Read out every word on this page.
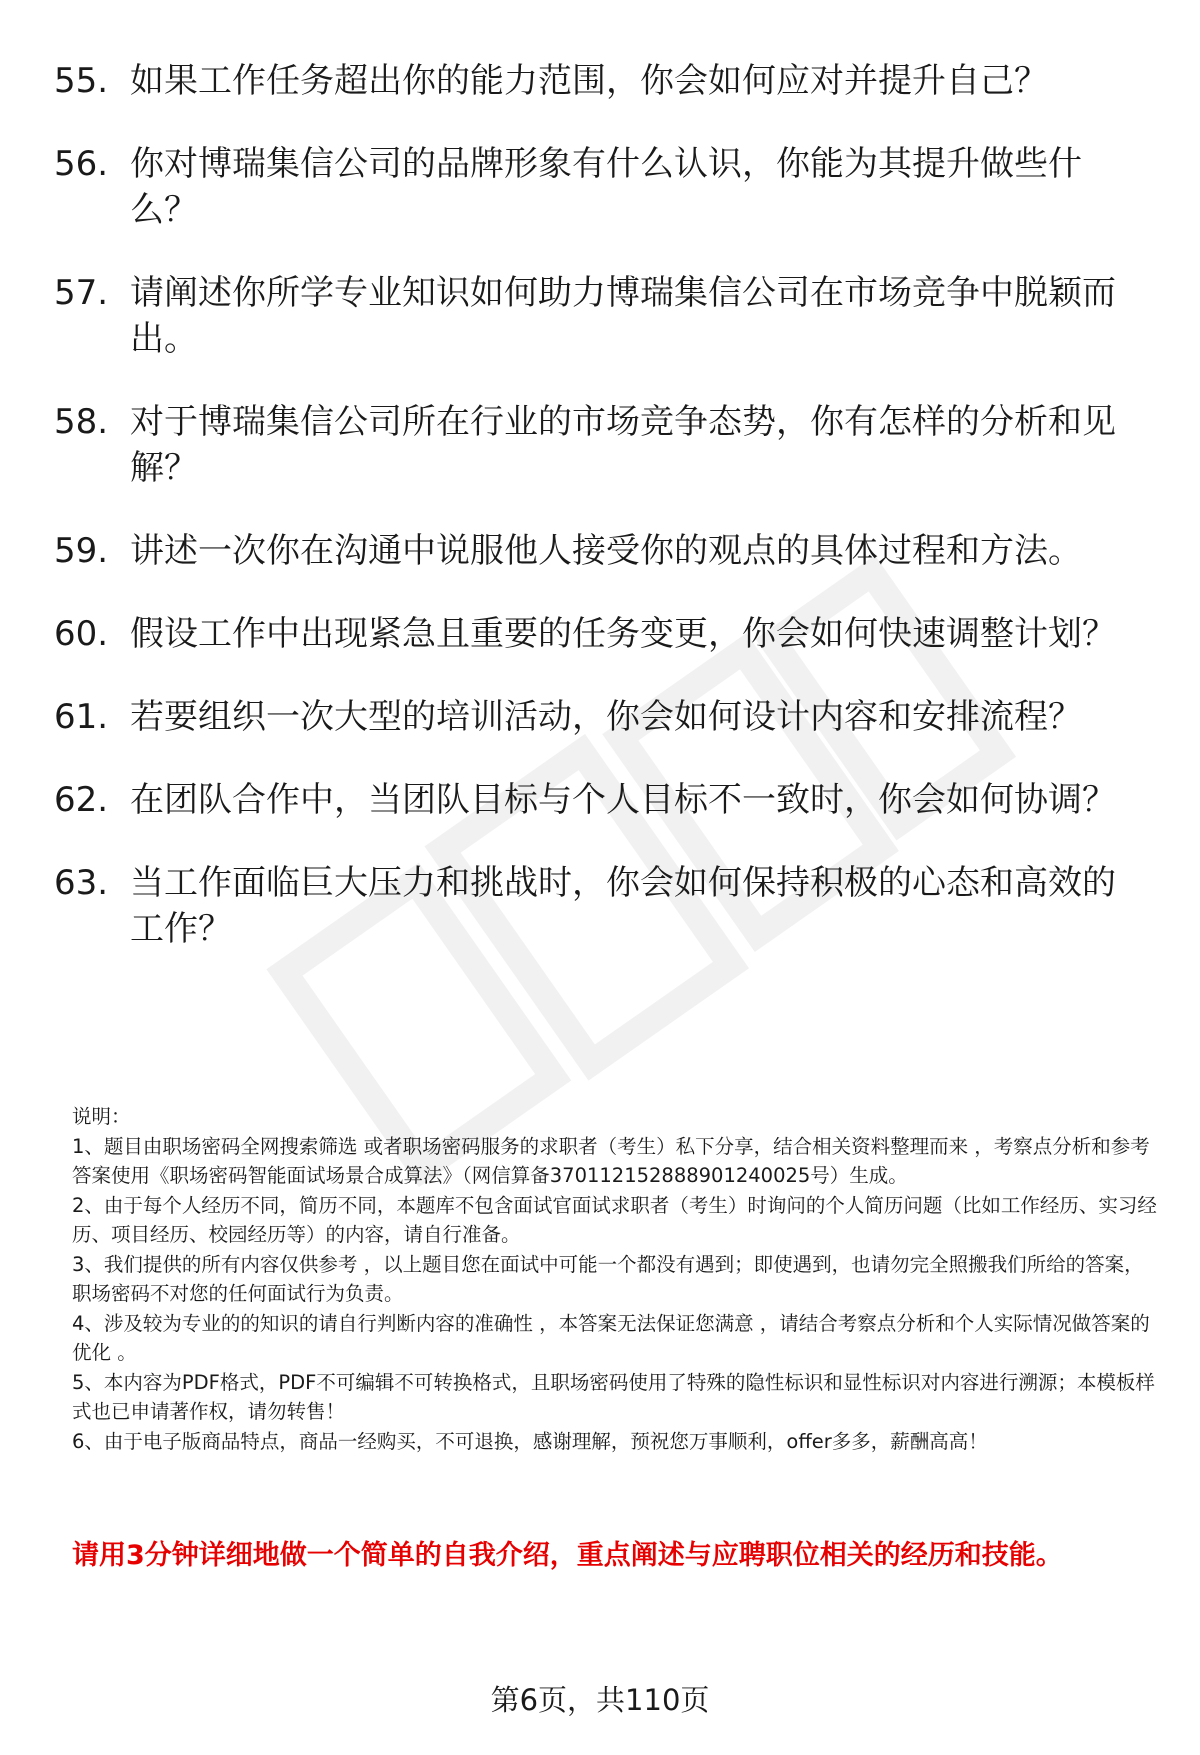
55. 如果工作任务超出你的能力范围，你会如何应对并提升自己？
56. 你对博瑞集信公司的品牌形象有什么认识，你能为其提升做些什么？
57. 请阐述你所学专业知识如何助力博瑞集信公司在市场竞争中脱颖而出。
58. 对于博瑞集信公司所在行业的市场竞争态势，你有怎样的分析和见解？
59. 讲述一次你在沟通中说服他人接受你的观点的具体过程和方法。
60. 假设工作中出现紧急且重要的任务变更，你会如何快速调整计划？
61. 若要组织一次大型的培训活动，你会如何设计内容和安排流程？
62. 在团队合作中，当团队目标与个人目标不一致时，你会如何协调？
63. 当工作面临巨大压力和挑战时，你会如何保持积极的心态和高效的工作？

说明：

1、题目由职场密码全网搜索筛选 或者职场密码服务的求职者（考生）私下分享，结合相关资料整理而来 ，考察点分析和参考答案使用《职场密码智能面试场景合成算法》（网信算备370112152888901240025号）生成。

2、由于每个人经历不同，简历不同，本题库不包含面试官面试求职者（考生）时询问的个人简历问题（比如工作经历、实习经历、项目经历、校园经历等）的内容，请自行准备。

3、我们提供的所有内容仅供参考 ，以上题目您在面试中可能一个都没有遇到；即使遇到，也请勿完全照搬我们所给的答案，职场密码不对您的任何面试行为负责。

4、涉及较为专业的的知识的请自行判断内容的准确性 ，本答案无法保证您满意 ，请结合考察点分析和个人实际情况做答案的优化 。

5、本内容为PDF格式，PDF不可编辑不可转换格式，且职场密码使用了特殊的隐性标识和显性标识对内容进行溯源；本模板样式也已申请著作权，请勿转售！

6、由于电子版商品特点，商品一经购买，不可退换，感谢理解，预祝您万事顺利，offer多多，薪酬高高！

请用3分钟详细地做一个简单的自我介绍，重点阐述与应聘职位相关的经历和技能。
第6页，共110页
